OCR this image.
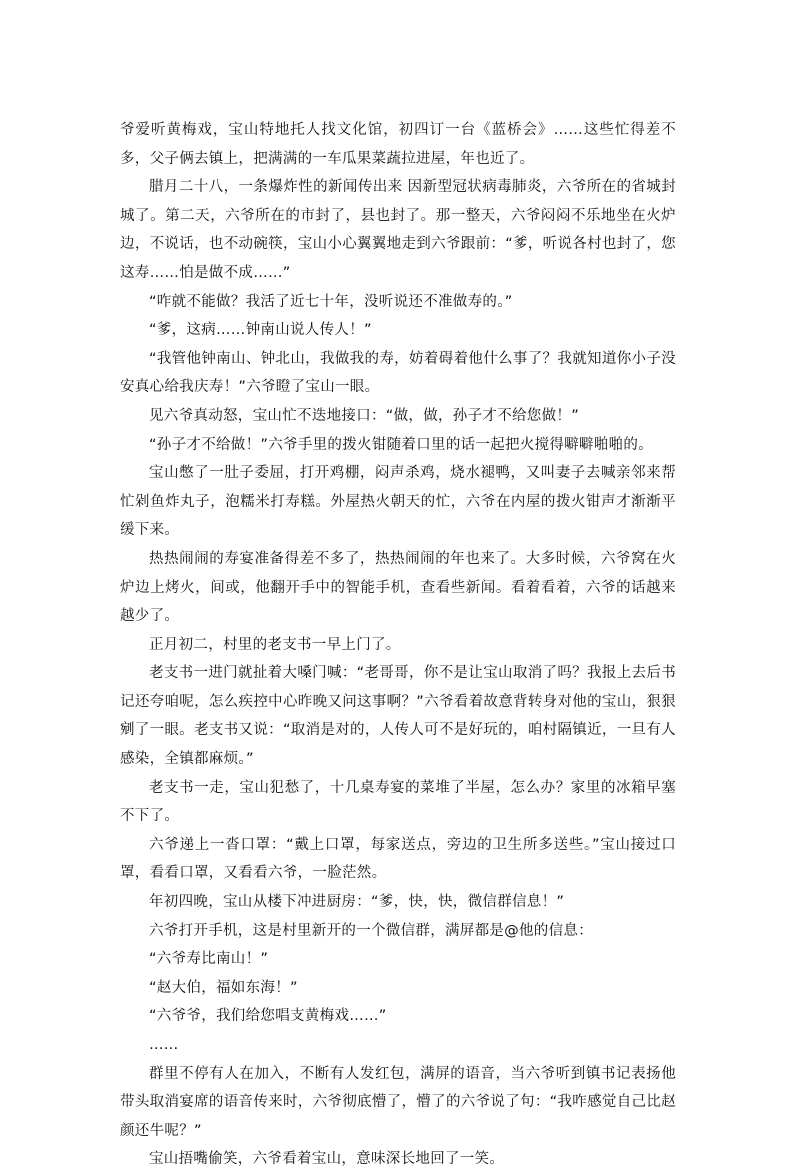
爷爱听黄梅戏，宝山特地托人找文化馆，初四订一台《蓝桥会》……这些忙得差不多，父子俩去镇上，把满满的一车瓜果菜蔬拉进屋，年也近了。

腊月二十八，一条爆炸性的新闻传出来 因新型冠状病毒肺炎，六爷所在的省城封城了。第二天，六爷所在的市封了，县也封了。那一整天，六爷闷闷不乐地坐在火炉边，不说话，也不动碗筷，宝山小心翼翼地走到六爷跟前：“爹，听说各村也封了，您这寿……怕是做不成……”

“咋就不能做？我活了近七十年，没听说还不准做寿的。”

“爹，这病……钟南山说人传人！”

“我管他钟南山、钟北山，我做我的寿，妨着碍着他什么事了？我就知道你小子没安真心给我庆寿！”六爷瞪了宝山一眼。

见六爷真动怒，宝山忙不迭地接口：“做，做，孙子才不给您做！”

“孙子才不给做！”六爷手里的拨火钳随着口里的话一起把火搅得噼噼啪啪的。

宝山憋了一肚子委屈，打开鸡棚，闷声杀鸡，烧水褪鸭，又叫妻子去喊亲邻来帮忙剁鱼炸丸子，泡糯米打寿糕。外屋热火朝天的忙，六爷在内屋的拨火钳声才渐渐平缓下来。

热热闹闹的寿宴准备得差不多了，热热闹闹的年也来了。大多时候，六爷窝在火炉边上烤火，间或，他翻开手中的智能手机，查看些新闻。看着看着，六爷的话越来越少了。

正月初二，村里的老支书一早上门了。

老支书一进门就扯着大嗓门喊：“老哥哥，你不是让宝山取消了吗？我报上去后书记还夸咱呢，怎么疾控中心昨晚又问这事啊？”六爷看着故意背转身对他的宝山，狠狠剜了一眼。老支书又说：“取消是对的，人传人可不是好玩的，咱村隔镇近，一旦有人感染，全镇都麻烦。”

老支书一走，宝山犯愁了，十几桌寿宴的菜堆了半屋，怎么办？家里的冰箱早塞不下了。

六爷递上一沓口罩：“戴上口罩，每家送点，旁边的卫生所多送些。”宝山接过口罩，看看口罩，又看看六爷，一脸茫然。

年初四晚，宝山从楼下冲进厨房：“爹，快，快，微信群信息！”

六爷打开手机，这是村里新开的一个微信群，满屏都是@他的信息：

“六爷寿比南山！”

“赵大伯，福如东海！”

“六爷爷，我们给您唱支黄梅戏……”

……

群里不停有人在加入，不断有人发红包，满屏的语音，当六爷听到镇书记表扬他带头取消宴席的语音传来时，六爷彻底懵了，懵了的六爷说了句：“我咋感觉自己比赵颜还牛呢？”

宝山捂嘴偷笑，六爷看着宝山，意味深长地回了一笑。
